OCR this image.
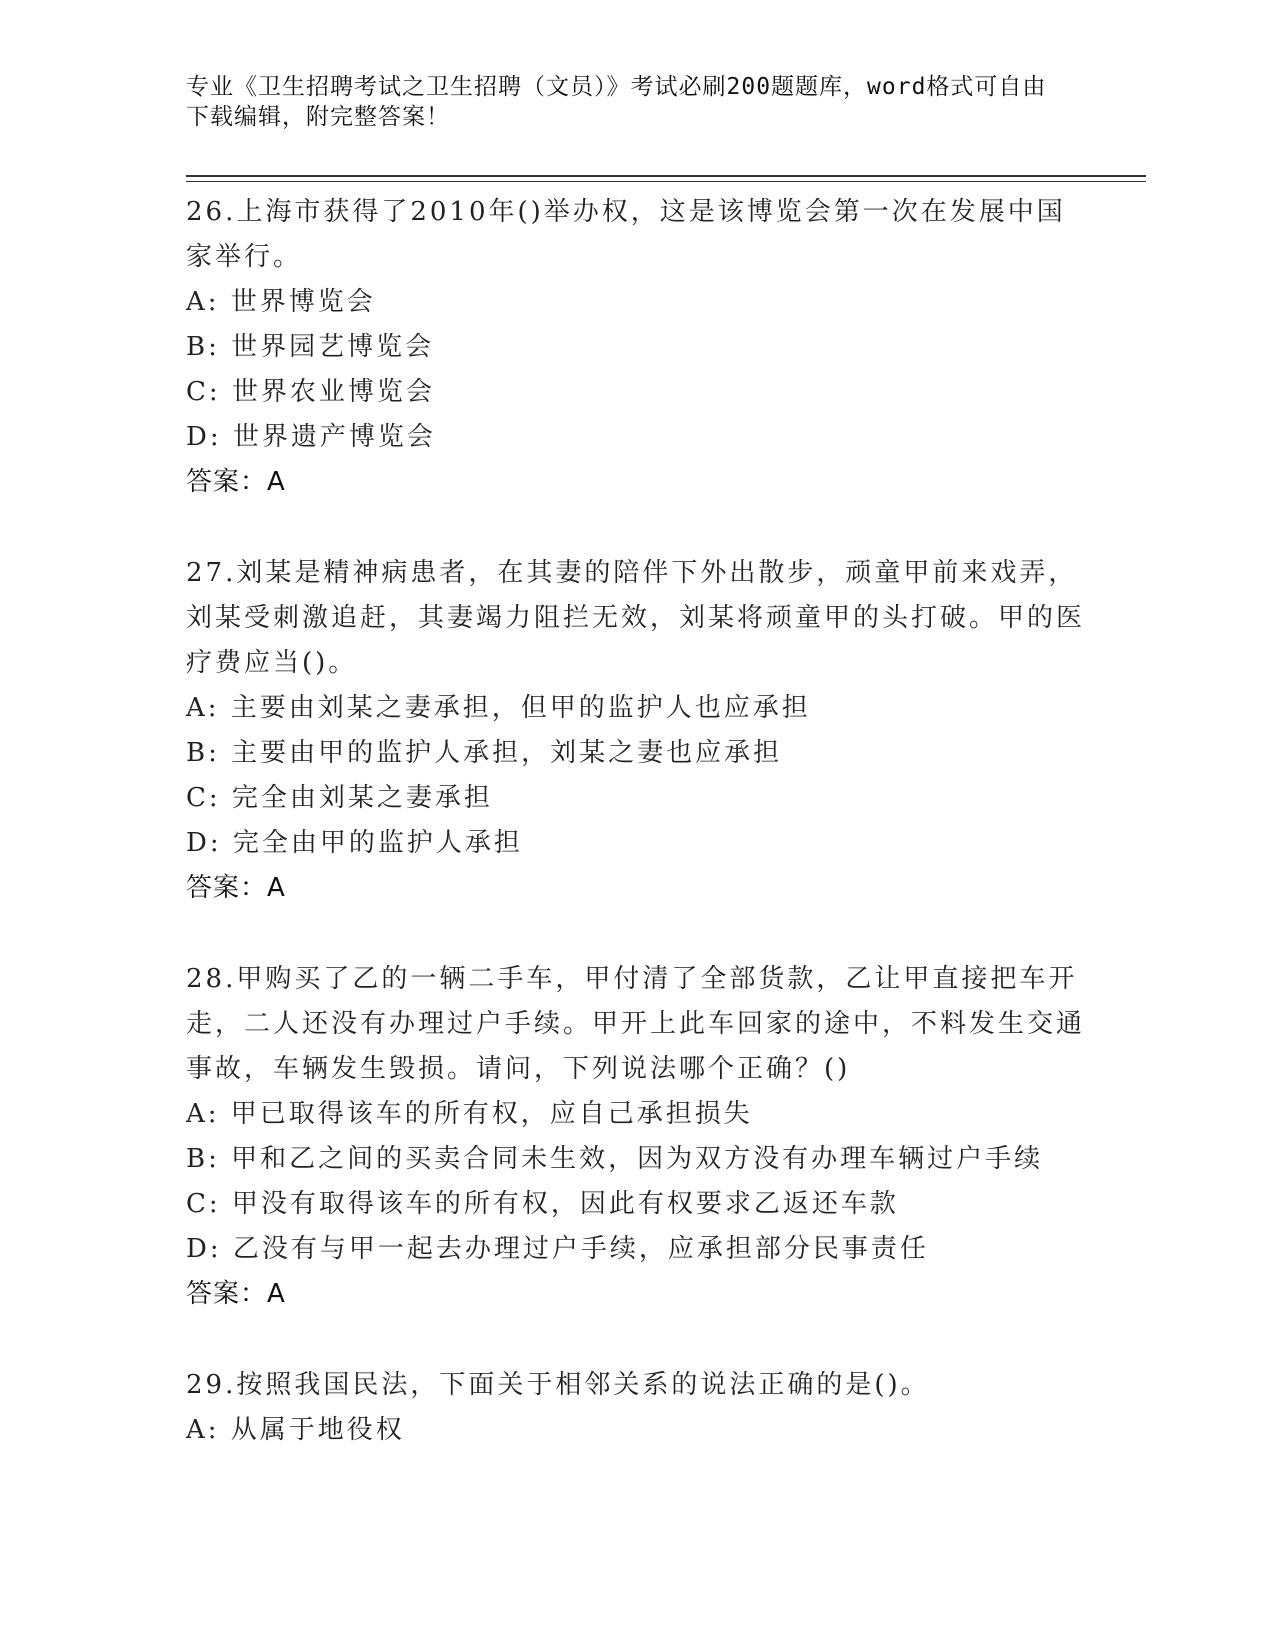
专业《卫生招聘考试之卫生招聘（文员）》考试必刷200题题库，word格式可自由下载编辑，附完整答案！
26.上海市获得了2010年()举办权，这是该博览会第一次在发展中国家举行。
A: 世界博览会
B: 世界园艺博览会
C: 世界农业博览会
D: 世界遗产博览会
答案：A
27.刘某是精神病患者，在其妻的陪伴下外出散步，顽童甲前来戏弄，刘某受刺激追赶，其妻竭力阻拦无效，刘某将顽童甲的头打破。甲的医疗费应当()。
A: 主要由刘某之妻承担，但甲的监护人也应承担
B: 主要由甲的监护人承担，刘某之妻也应承担
C: 完全由刘某之妻承担
D: 完全由甲的监护人承担
答案：A
28.甲购买了乙的一辆二手车，甲付清了全部货款，乙让甲直接把车开走，二人还没有办理过户手续。甲开上此车回家的途中，不料发生交通事故，车辆发生毁损。请问，下列说法哪个正确？()
A: 甲已取得该车的所有权，应自己承担损失
B: 甲和乙之间的买卖合同未生效，因为双方没有办理车辆过户手续
C: 甲没有取得该车的所有权，因此有权要求乙返还车款
D: 乙没有与甲一起去办理过户手续，应承担部分民事责任
答案：A
29.按照我国民法，下面关于相邻关系的说法正确的是()。
A: 从属于地役权
